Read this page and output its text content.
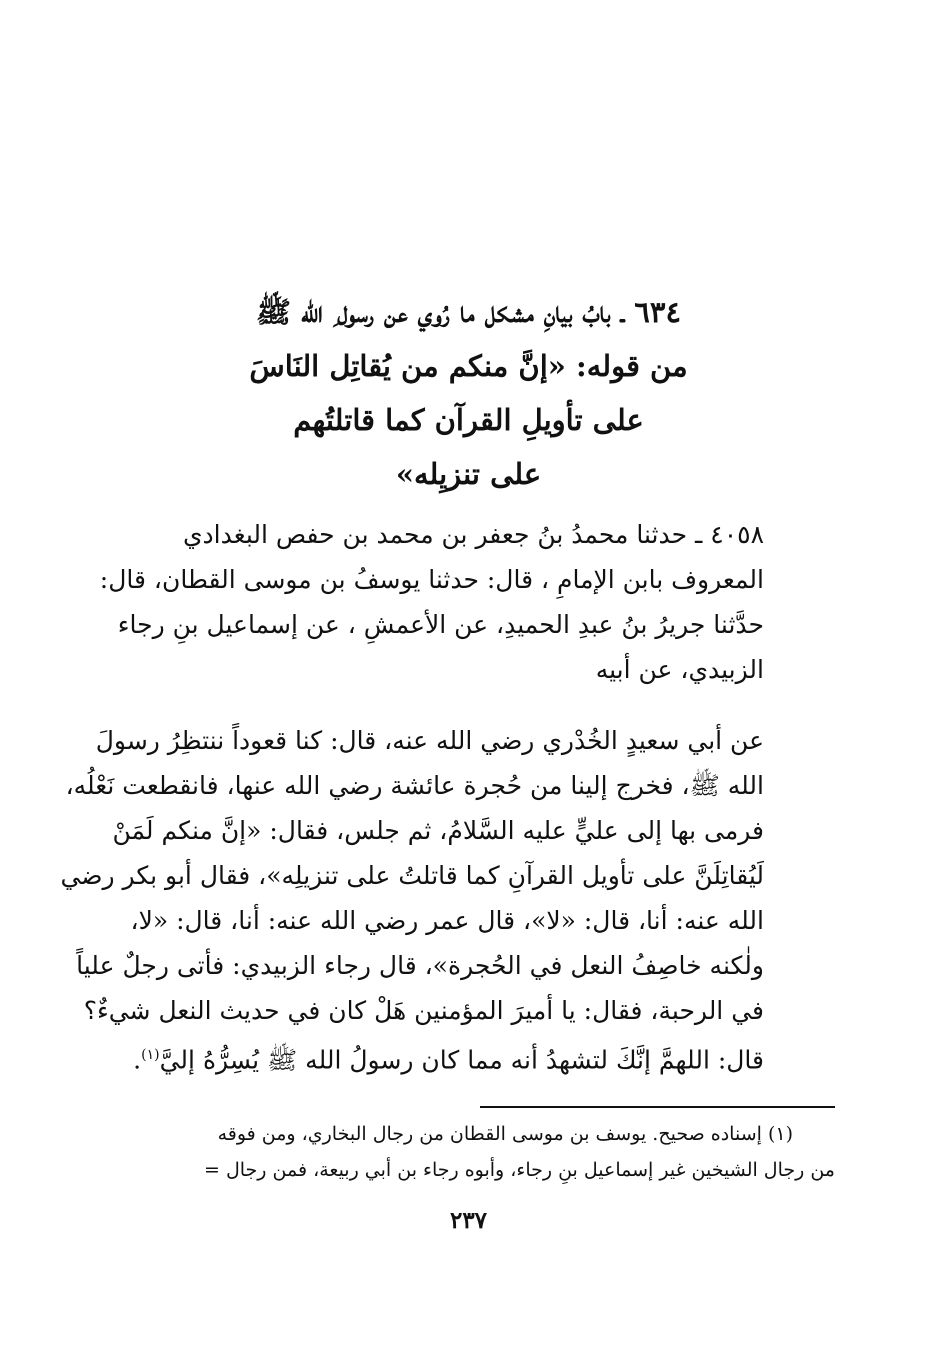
٦٣٤ ـ بابُ بيانِ مشكل ما رُوي عن رسول ِ الله ﷺ
من قوله: «إنَّ منكم من يُقاتِل النَاسَ
على تأويلِ القرآن كما قاتلتُهم
على تنزيِله»
٤٠٥٨ ـ حدثنا محمدُ بنُ جعفر بن محمد بن حفص البغدادي
المعروف بابن الإمامِ ، قال: حدثنا يوسفُ بن موسى القطان، قال:
حدَّثنا جريرُ بنُ عبدِ الحميدِ، عن الأعمشِ ، عن إسماعيل بنِ رجاء
الزبيدي، عن أبيه
عن أبي سعيدٍ الخُدْري رضي الله عنه، قال: كنا قعوداً ننتظِرُ رسولَ
الله ﷺ، فخرج إلينا من حُجرة عائشة رضي الله عنها، فانقطعت نَعْلُه،
فرمى بها إلى عليٍّ عليه السَّلامُ، ثم جلس، فقال: «إنَّ منكم لَمَنْ
لَيُقاتِلَنَّ على تأويل القرآنِ كما قاتلتُ على تنزيلِه»، فقال أبو بكر رضي
الله عنه: أنا، قال: «لا»، قال عمر رضي الله عنه: أنا، قال: «لا،
ولٰكنه خاصِفُ النعل في الحُجرة»، قال رجاء الزبيدي: فأتى رجلٌ علياً
في الرحبة، فقال: يا أميرَ المؤمنين هَلْ كان في حديث النعل شيءٌ؟
قال: اللهمَّ إنَّكَ لتشهدُ أنه مما كان رسولُ الله ﷺ يُسِرُّهُ إليَّ$^{(١)}$.
(١) إسناده صحيح. يوسف بن موسى القطان من رجال البخاري، ومن فوقه
من رجال الشيخين غير إسماعيل بنِ رجاء، وأبوه رجاء بن أبي ربيعة، فمن رجال =
٢٣٧
